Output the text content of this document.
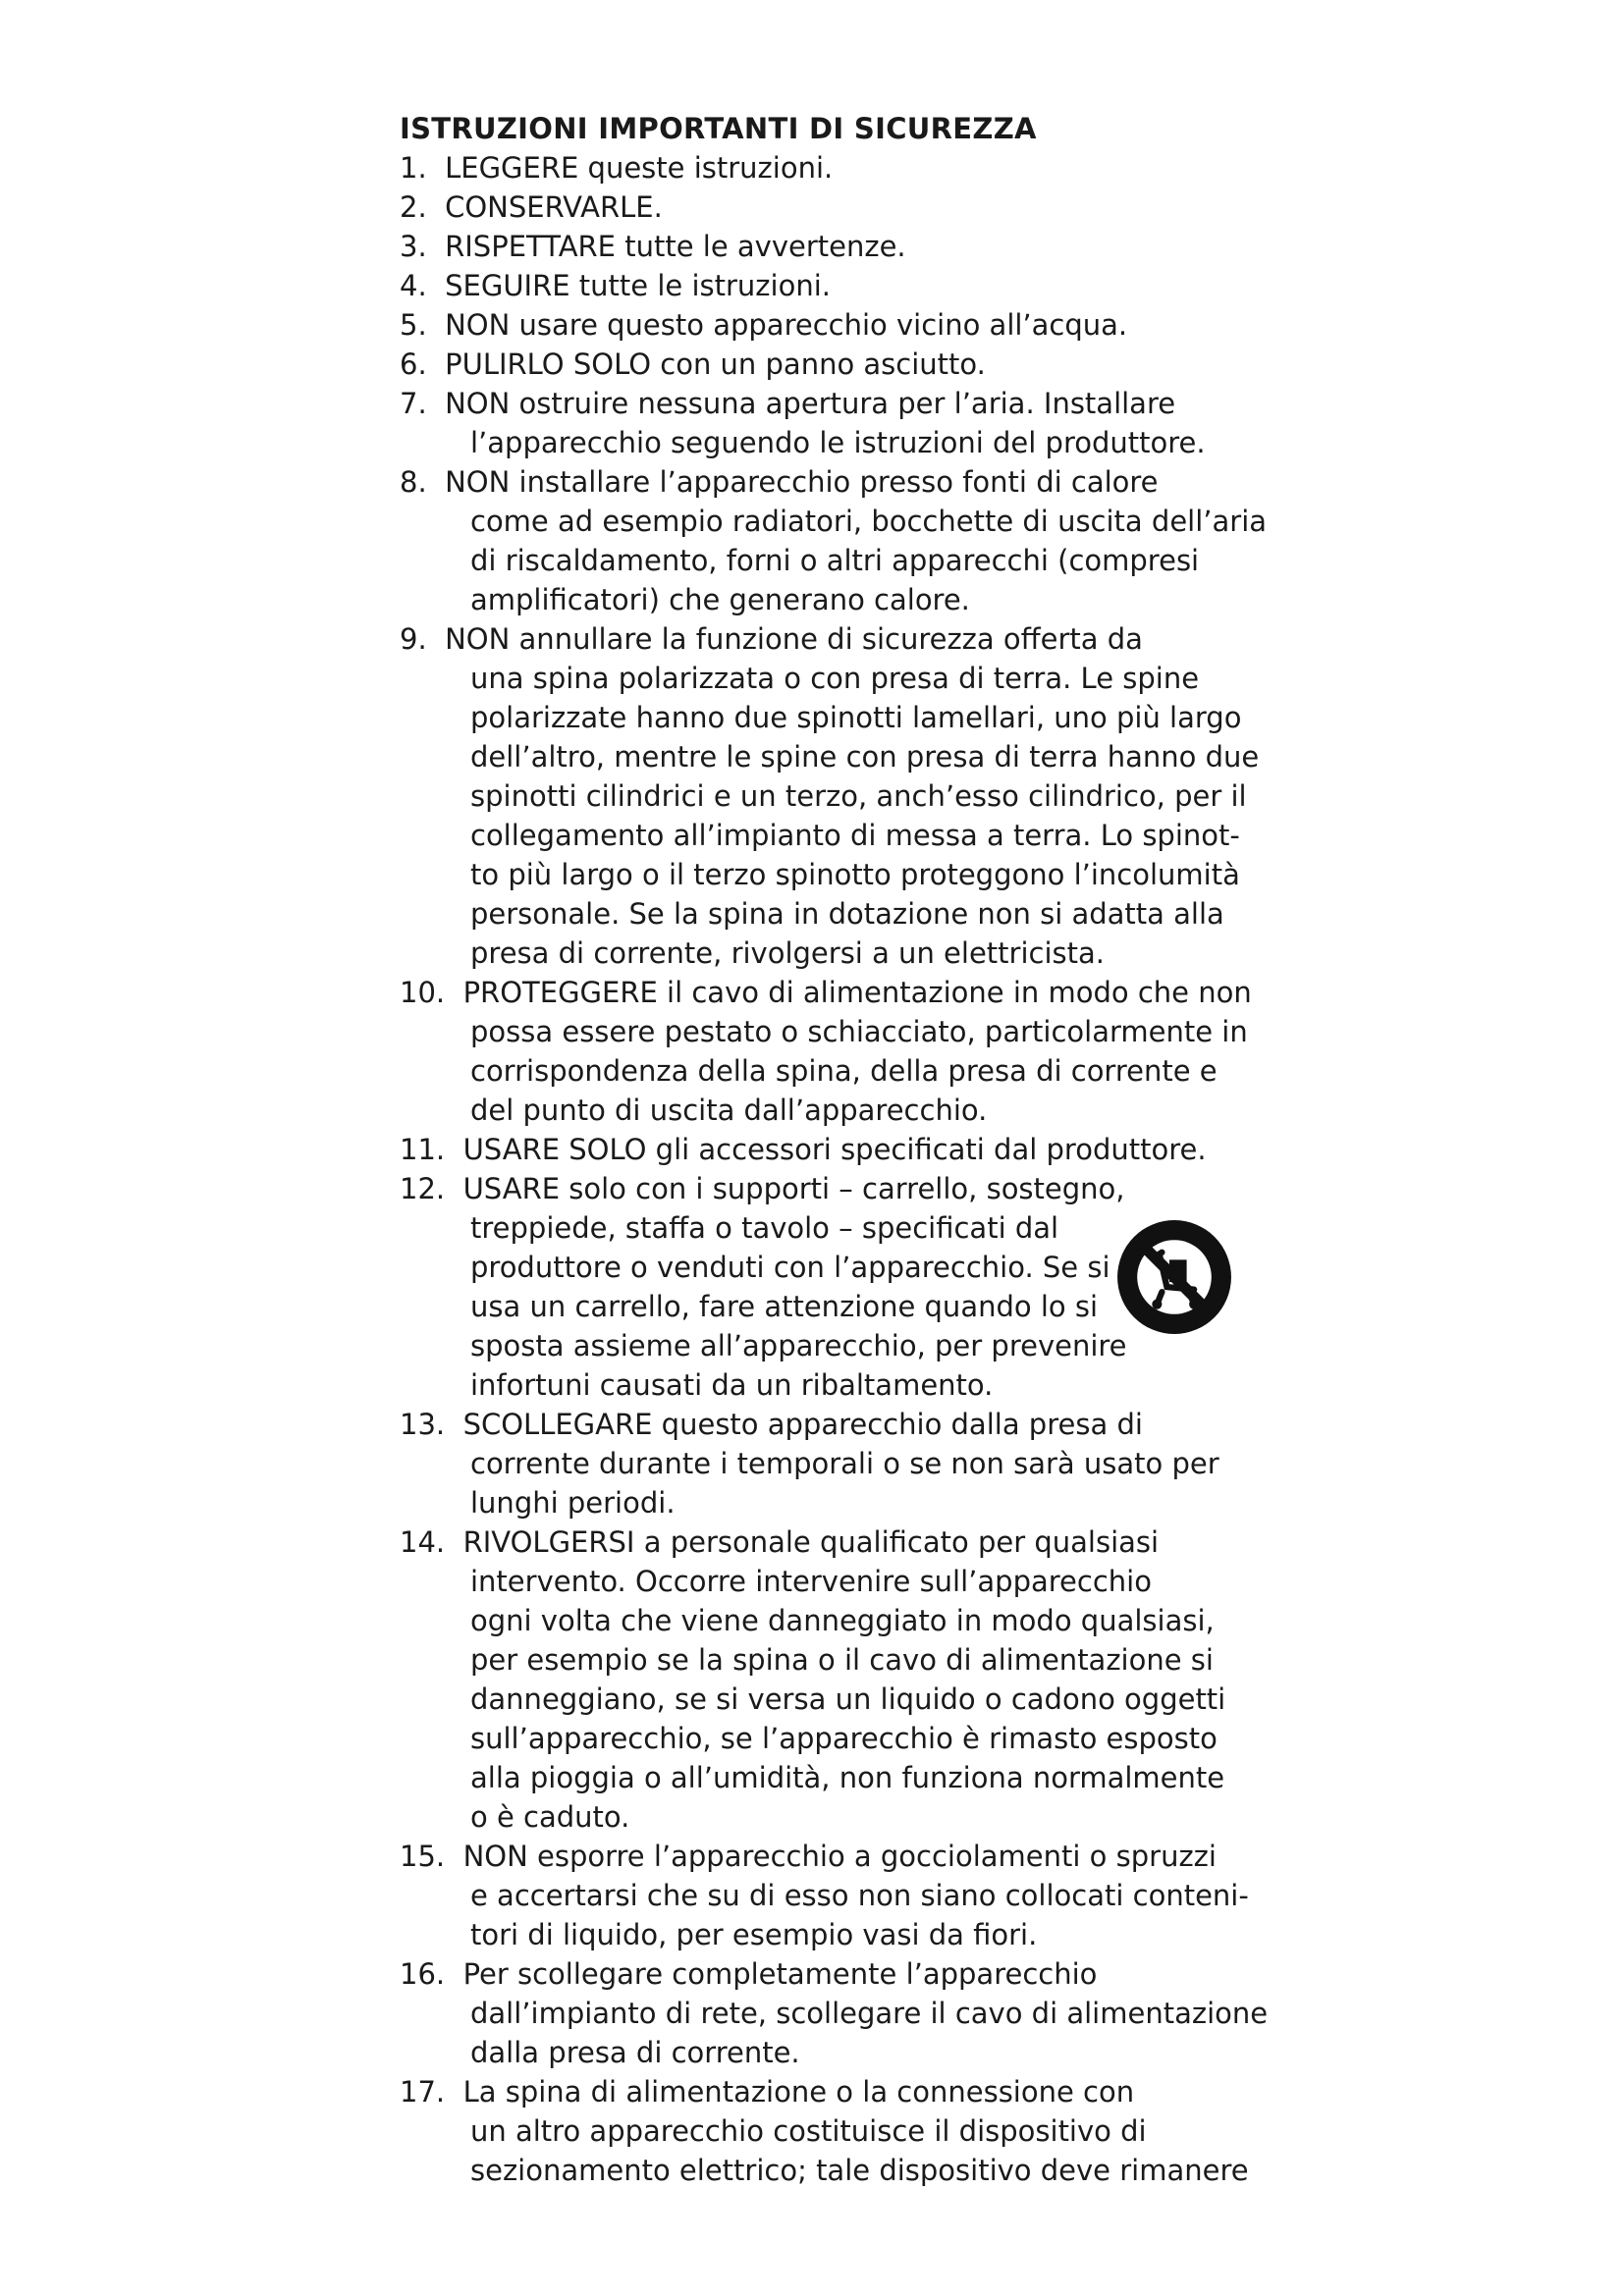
ISTRUZIONI IMPORTANTI DI SICUREZZA
1. LEGGERE queste istruzioni.
2. CONSERVARLE.
3. RISPETTARE tutte le avvertenze.
4. SEGUIRE tutte le istruzioni.
5. NON usare questo apparecchio vicino all’acqua.
6. PULIRLO SOLO con un panno asciutto.
7. NON ostruire nessuna apertura per l’aria. Installare
l’apparecchio seguendo le istruzioni del produttore.
8. NON installare l’apparecchio presso fonti di calore
come ad esempio radiatori, bocchette di uscita dell’aria
di riscaldamento, forni o altri apparecchi (compresi
amplificatori) che generano calore.
9. NON annullare la funzione di sicurezza offerta da
una spina polarizzata o con presa di terra. Le spine
polarizzate hanno due spinotti lamellari, uno più largo
dell’altro, mentre le spine con presa di terra hanno due
spinotti cilindrici e un terzo, anch’esso cilindrico, per il
collegamento all’impianto di messa a terra. Lo spinot-
to più largo o il terzo spinotto proteggono l’incolumità
personale. Se la spina in dotazione non si adatta alla
presa di corrente, rivolgersi a un elettricista.
10. PROTEGGERE il cavo di alimentazione in modo che non
possa essere pestato o schiacciato, particolarmente in
corrispondenza della spina, della presa di corrente e
del punto di uscita dall’apparecchio.
11. USARE SOLO gli accessori specificati dal produttore.
12. USARE solo con i supporti – carrello, sostegno,
treppiede, staffa o tavolo – specificati dal
produttore o venduti con l’apparecchio. Se si
usa un carrello, fare attenzione quando lo si
sposta assieme all’apparecchio, per prevenire
infortuni causati da un ribaltamento.
13. SCOLLEGARE questo apparecchio dalla presa di
corrente durante i temporali o se non sarà usato per
lunghi periodi.
14. RIVOLGERSI a personale qualificato per qualsiasi
intervento. Occorre intervenire sull’apparecchio
ogni volta che viene danneggiato in modo qualsiasi,
per esempio se la spina o il cavo di alimentazione si
danneggiano, se si versa un liquido o cadono oggetti
sull’apparecchio, se l’apparecchio è rimasto esposto
alla pioggia o all’umidità, non funziona normalmente
o è caduto.
15. NON esporre l’apparecchio a gocciolamenti o spruzzi
e accertarsi che su di esso non siano collocati conteni-
tori di liquido, per esempio vasi da fiori.
16. Per scollegare completamente l’apparecchio
dall’impianto di rete, scollegare il cavo di alimentazione
dalla presa di corrente.
17. La spina di alimentazione o la connessione con
un altro apparecchio costituisce il dispositivo di
sezionamento elettrico; tale dispositivo deve rimanere
